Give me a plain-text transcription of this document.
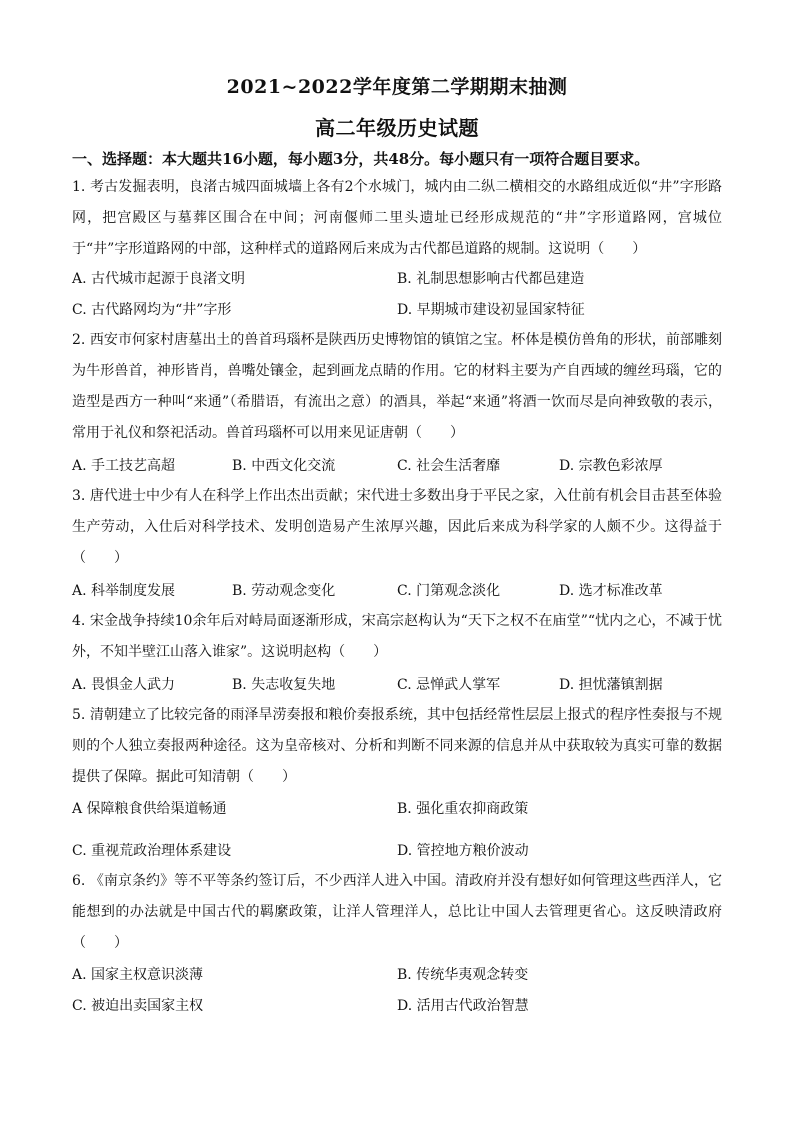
2021~2022学年度第二学期期末抽测
高二年级历史试题
一、选择题：本大题共16小题，每小题3分，共48分。每小题只有一项符合题目要求。
1. 考古发掘表明，良渚古城四面城墙上各有2个水城门，城内由二纵二横相交的水路组成近似“井”字形路网，把宫殿区与墓葬区围合在中间；河南偃师二里头遗址已经形成规范的“井”字形道路网，宫城位于“井”字形道路网的中部，这种样式的道路网后来成为古代都邑道路的规制。这说明（　　）
A. 古代城市起源于良渚文明	B. 礼制思想影响古代都邑建造
C. 古代路网均为“井”字形	D. 早期城市建设初显国家特征
2. 西安市何家村唐墓出土的兽首玛瑙杯是陕西历史博物馆的镇馆之宝。杯体是模仿兽角的形状，前部雕刻为牛形兽首，神形皆肖，兽嘴处镶金，起到画龙点睛的作用。它的材料主要为产自西域的缠丝玛瑙，它的造型是西方一种叫“来通”（希腊语，有流出之意）的酒具，举起“来通”将酒一饮而尽是向神致敬的表示，常用于礼仪和祭祀活动。兽首玛瑙杯可以用来见证唐朝（　　）
A. 手工技艺高超	B. 中西文化交流	C. 社会生活奢靡	D. 宗教色彩浓厚
3. 唐代进士中少有人在科学上作出杰出贡献；宋代进士多数出身于平民之家，入仕前有机会目击甚至体验生产劳动，入仕后对科学技术、发明创造易产生浓厚兴趣，因此后来成为科学家的人颇不少。这得益于（　　）
A. 科举制度发展	B. 劳动观念变化	C. 门第观念淡化	D. 选才标准改革
4. 宋金战争持续10余年后对峙局面逐渐形成，宋高宗赵构认为“天下之权不在庙堂”“忧内之心，不减于忧外，不知半壁江山落入谁家”。这说明赵构（　　）
A. 畏惧金人武力	B. 失志收复失地	C. 忌惮武人掌军	D. 担忧藩镇割据
5. 清朝建立了比较完备的雨泽旱涝奏报和粮价奏报系统，其中包括经常性层层上报式的程序性奏报与不规则的个人独立奏报两种途径。这为皇帝核对、分析和判断不同来源的信息并从中获取较为真实可靠的数据提供了保障。据此可知清朝（　　）
A 保障粮食供给渠道畅通	B. 强化重农抑商政策
C. 重视荒政治理体系建设	D. 管控地方粮价波动
6. 《南京条约》等不平等条约签订后，不少西洋人进入中国。清政府并没有想好如何管理这些西洋人，它能想到的办法就是中国古代的羁縻政策，让洋人管理洋人，总比让中国人去管理更省心。这反映清政府（　　）
A. 国家主权意识淡薄	B. 传统华夷观念转变
C. 被迫出卖国家主权	D. 活用古代政治智慧
